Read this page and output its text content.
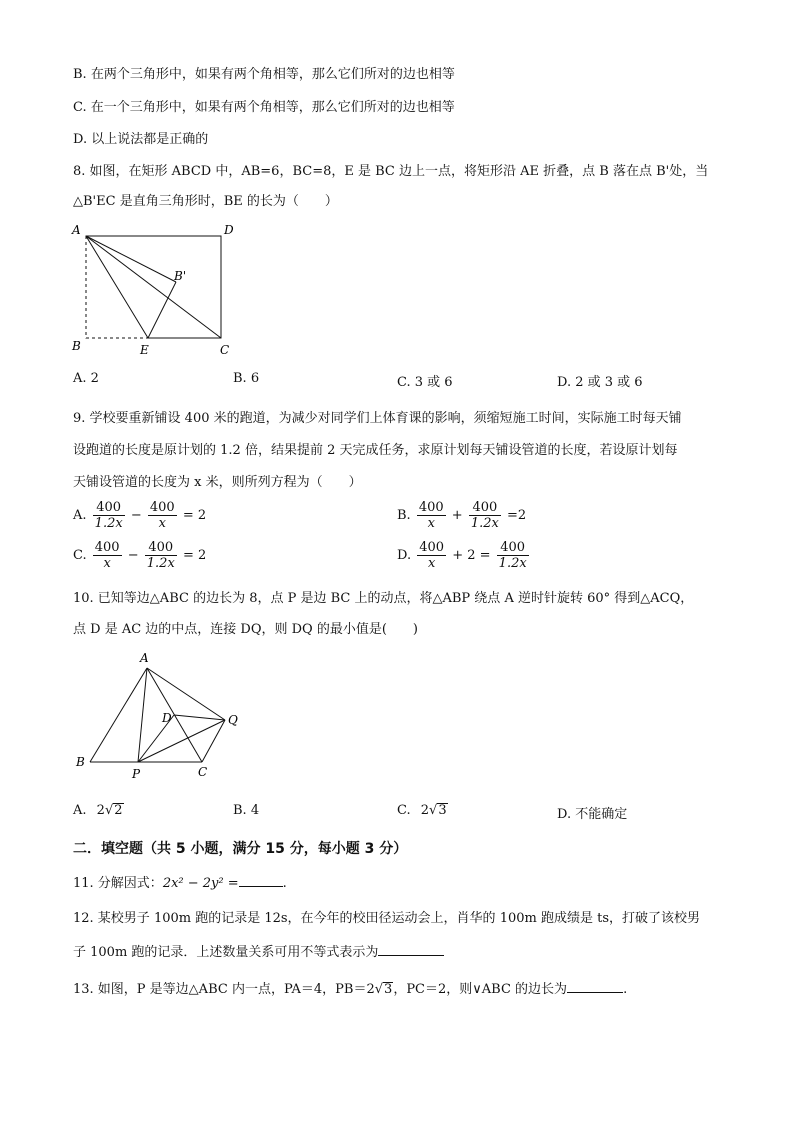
B. 在两个三角形中，如果有两个角相等，那么它们所对的边也相等
C. 在一个三角形中，如果有两个角相等，那么它们所对的边也相等
D. 以上说法都是正确的
8. 如图，在矩形 ABCD 中，AB=6，BC=8，E 是 BC 边上一点，将矩形沿 AE 折叠，点 B 落在点 B'处，当
△B'EC 是直角三角形时，BE 的长为（　　）
A	D
B'
B	E	C
A. 2	B. 6	C. 3 或 6	D. 2 或 3 或 6
9. 学校要重新铺设 400 米的跑道，为减少对同学们上体育课的影响，须缩短施工时间，实际施工时每天铺
设跑道的长度是原计划的 1.2 倍，结果提前 2 天完成任务，求原计划每天铺设管道的长度，若设原计划每
天铺设管道的长度为 x 米，则所列方程为（　　）
A. $\frac{400}{1.2x} - \frac{400}{x} = 2$	B. $\frac{400}{x} + \frac{400}{1.2x} =2$
C. $\frac{400}{x} - \frac{400}{1.2x} = 2$	D. $\frac{400}{x} + 2 = \frac{400}{1.2x}$
10. 已知等边△ABC 的边长为 8，点 P 是边 BC 上的动点，将△ABP 绕点 A 逆时针旋转 60° 得到△ACQ，
点 D 是 AC 边的中点，连接 DQ，则 DQ 的最小值是(　　)
A
D	Q
B
P	C
A. 2√2	B. 4	C. 2√3	D. 不能确定
二．填空题（共 5 小题，满分 15 分，每小题 3 分）
11. 分解因式：2x² − 2y² =	.
12. 某校男子 100m 跑的记录是 12s，在今年的校田径运动会上，肖华的 100m 跑成绩是 ts，打破了该校男
子 100m 跑的记录．上述数量关系可用不等式表示为
13. 如图，P 是等边△ABC 内一点，PA＝4，PB＝2√3，PC＝2，则∨ABC 的边长为	.
